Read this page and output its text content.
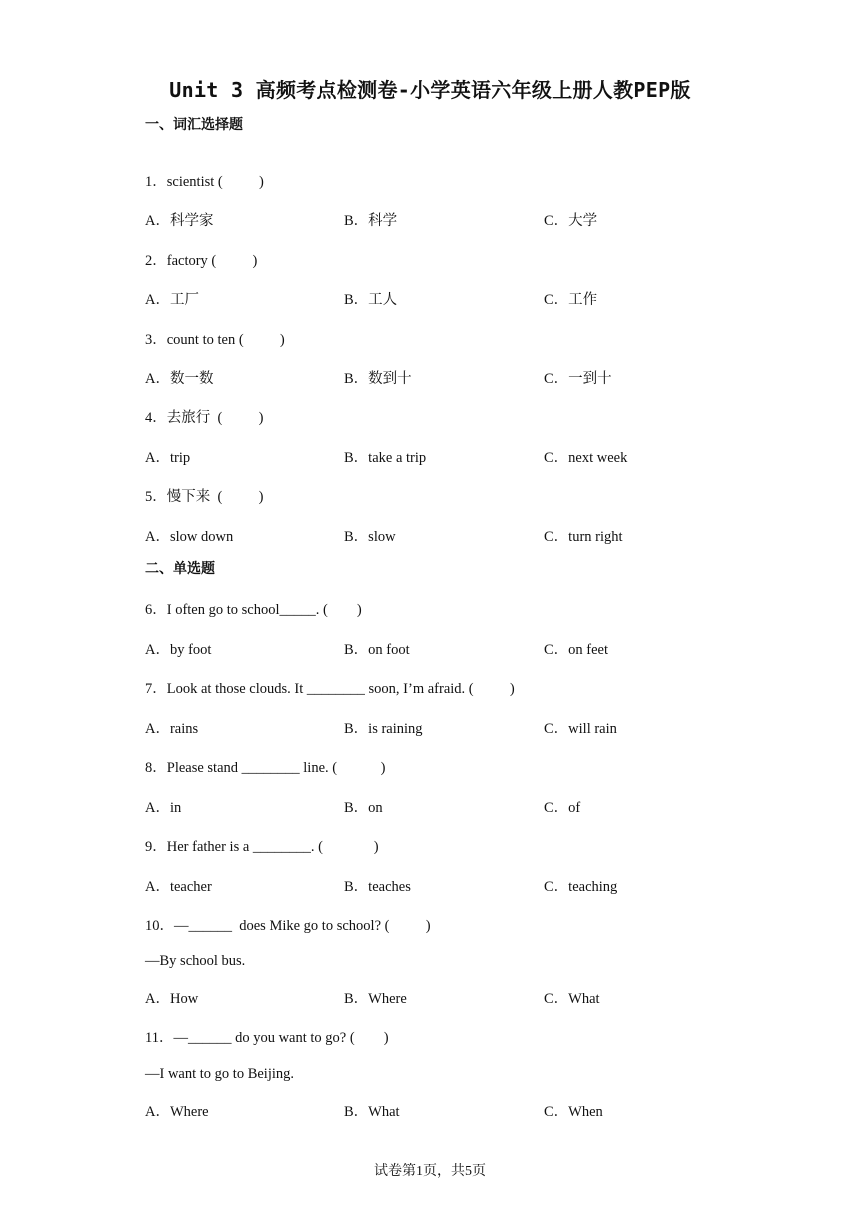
Unit 3 高频考点检测卷-小学英语六年级上册人教PEP版
一、词汇选择题
1．scientist (          )
A．科学家	B．科学	C．大学
2．factory (          )
A．工厂	B．工人	C．工作
3．count to ten (          )
A．数一数	B．数到十	C．一到十
4．去旅行  (          )
A．trip	B．take a trip	C．next week
5．慢下来  (          )
A．slow down	B．slow	C．turn right
二、单选题
6．I often go to school_____. (        )
A．by foot	B．on foot	C．on feet
7．Look at those clouds. It ________ soon, I’m afraid. (          )
A．rains	B．is raining	C．will rain
8．Please stand ________ line. (            )
A．in	B．on	C．of
9．Her father is a ________. (              )
A．teacher	B．teaches	C．teaching
10．—______  does Mike go to school? (          )
—By school bus.
A．How	B．Where	C．What
11．—______ do you want to go? (        )
—I want to go to Beijing.
A．Where	B．What	C．When
试卷第1页，共5页
